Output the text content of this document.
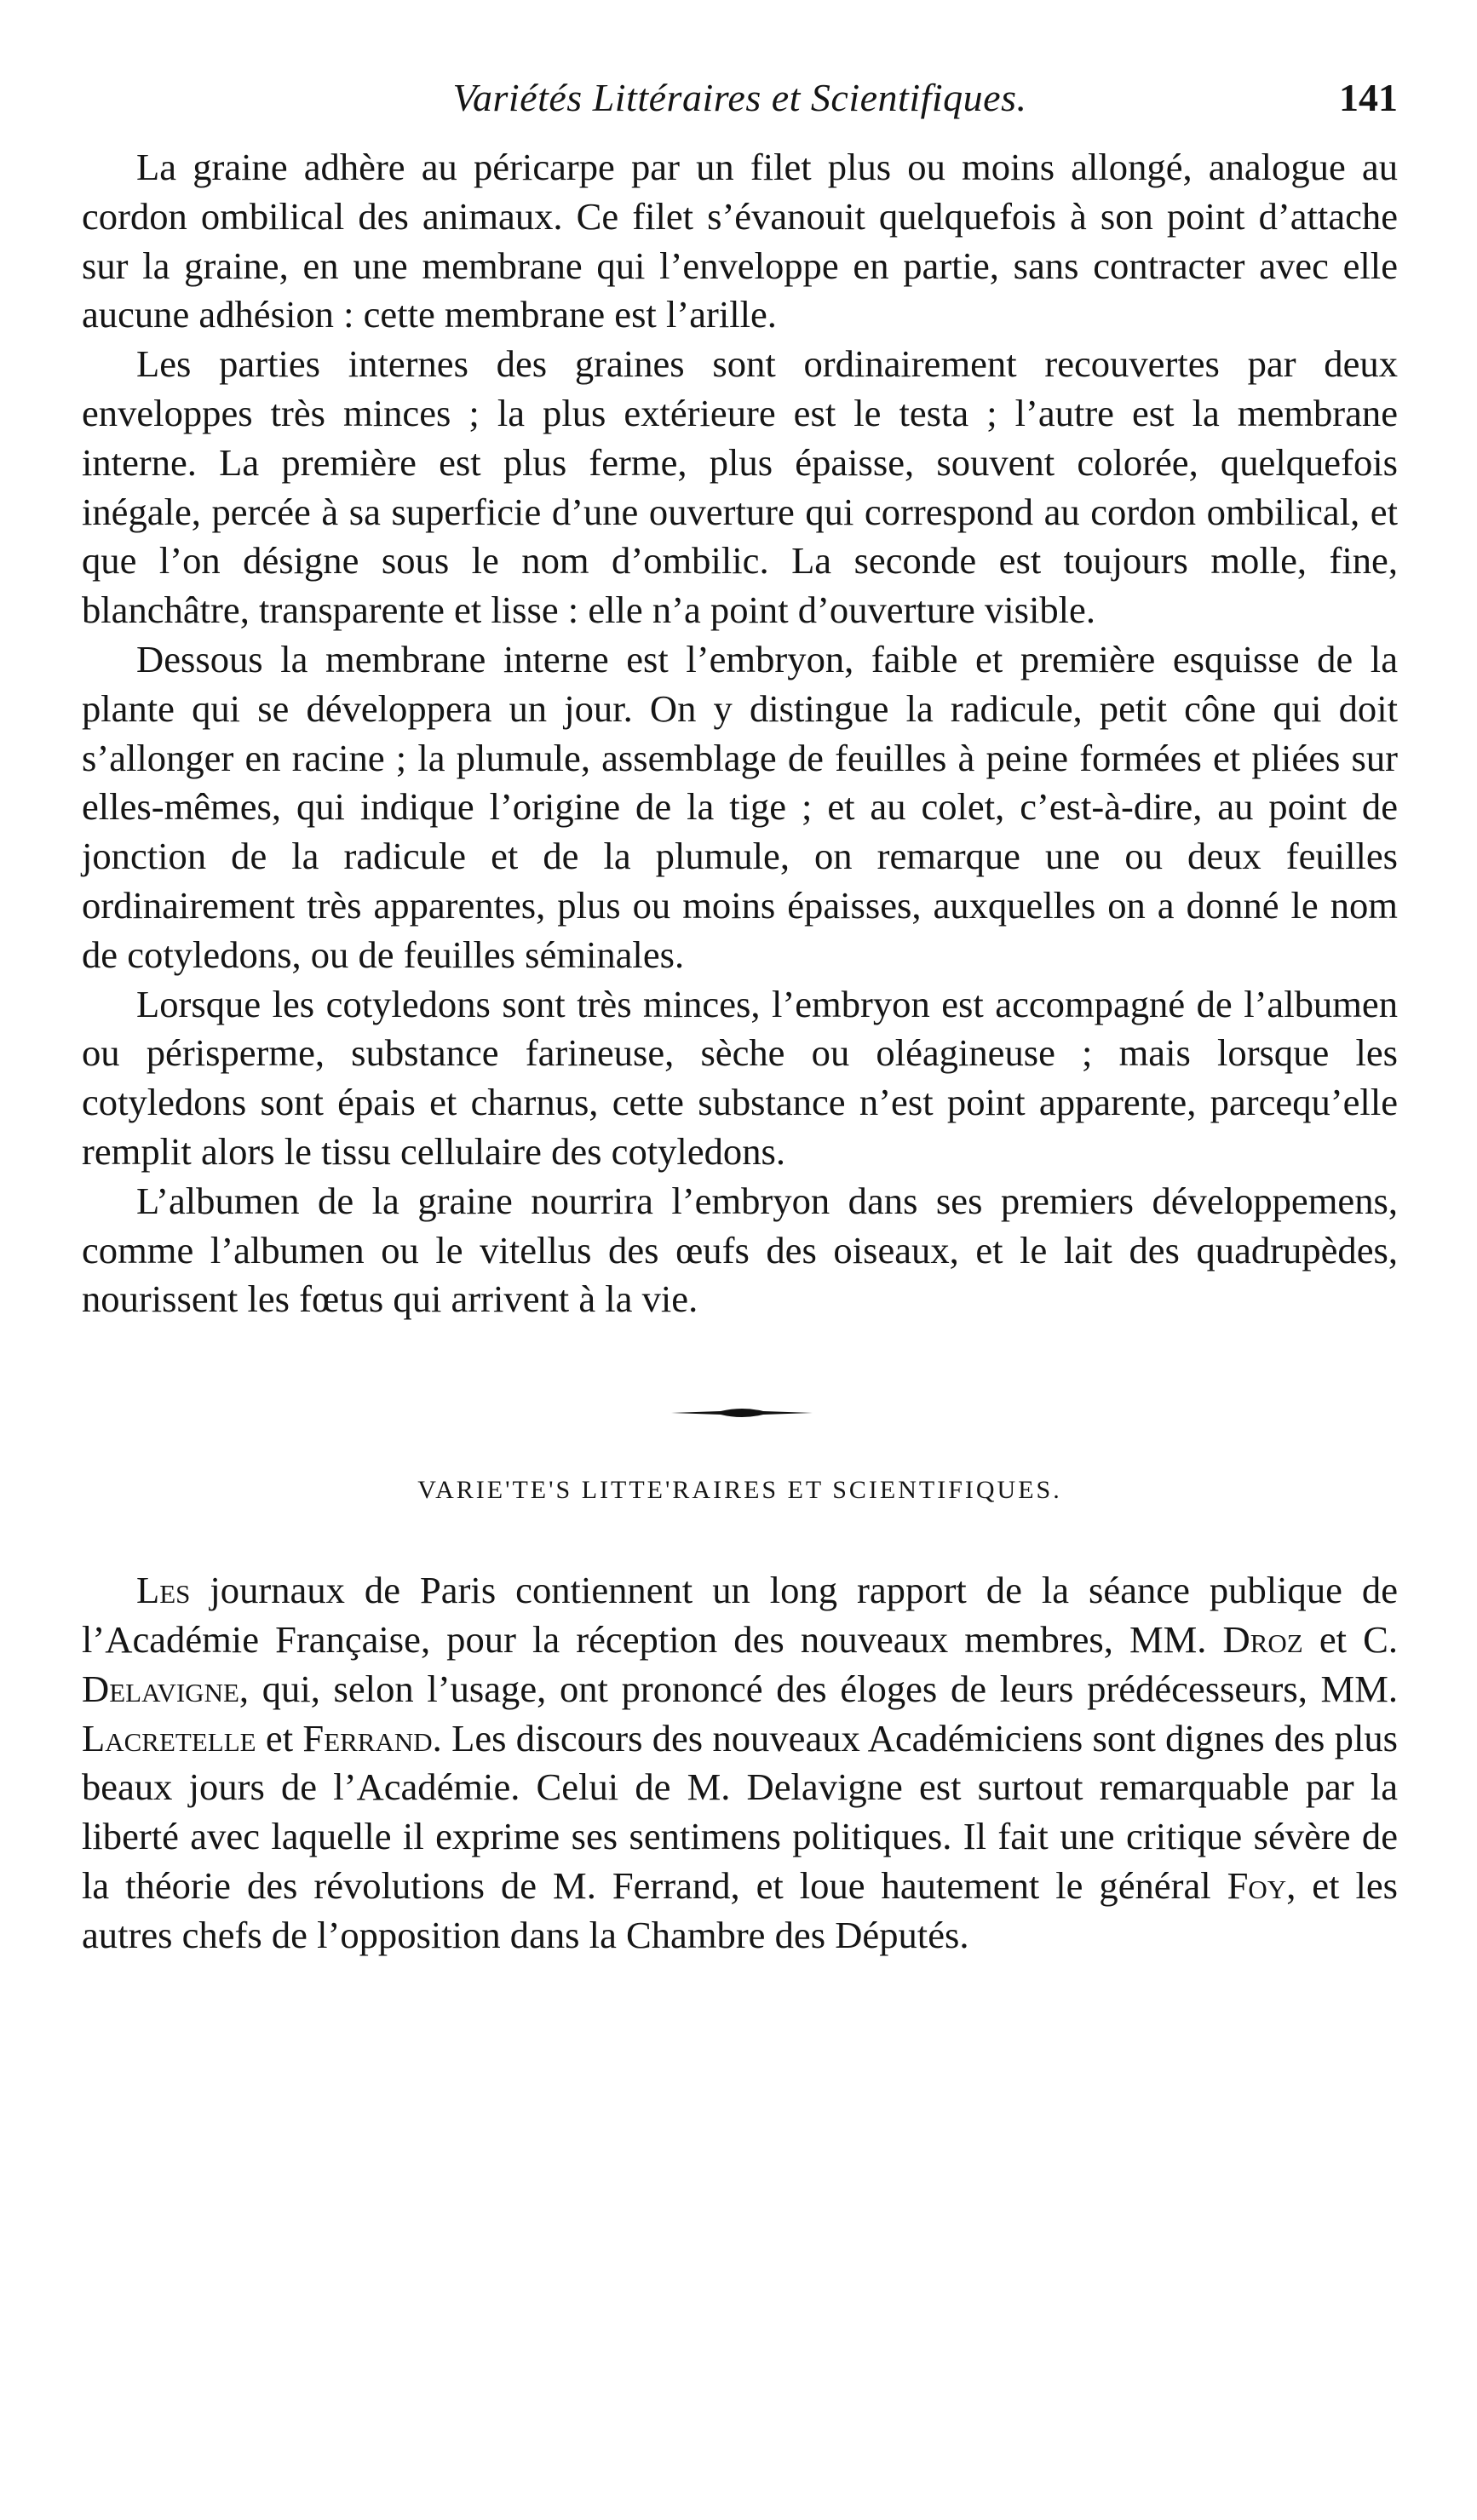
Variétés Littéraires et Scientifiques.	141

La graine adhère au péricarpe par un filet plus ou moins allongé, analogue au cordon ombilical des animaux. Ce filet s’évanouit quelquefois à son point d’attache sur la graine, en une membrane qui l’enveloppe en partie, sans contracter avec elle aucune adhésion : cette membrane est l’arille.

Les parties internes des graines sont ordinairement recouvertes par deux enveloppes très minces ; la plus extérieure est le testa ; l’autre est la membrane interne. La première est plus ferme, plus épaisse, souvent colorée, quelquefois inégale, percée à sa superficie d’une ouverture qui correspond au cordon ombilical, et que l’on désigne sous le nom d’ombilic. La seconde est toujours molle, fine, blanchâtre, transparente et lisse : elle n’a point d’ouverture visible.

Dessous la membrane interne est l’embryon, faible et première esquisse de la plante qui se développera un jour. On y distingue la radicule, petit cône qui doit s’allonger en racine ; la plumule, assemblage de feuilles à peine formées et pliées sur elles-mêmes, qui indique l’origine de la tige ; et au colet, c’est-à-dire, au point de jonction de la radicule et de la plumule, on remarque une ou deux feuilles ordinairement très apparentes, plus ou moins épaisses, auxquelles on a donné le nom de cotyledons, ou de feuilles séminales.

Lorsque les cotyledons sont très minces, l’embryon est accompagné de l’albumen ou périsperme, substance farineuse, sèche ou oléagineuse ; mais lorsque les cotyledons sont épais et charnus, cette substance n’est point apparente, parcequ’elle remplit alors le tissu cellulaire des cotyledons.

L’albumen de la graine nourrira l’embryon dans ses premiers développemens, comme l’albumen ou le vitellus des œufs des oiseaux, et le lait des quadrupèdes, nourissent les fœtus qui arrivent à la vie.

VARIE'TE'S LITTE'RAIRES ET SCIENTIFIQUES.

Les journaux de Paris contiennent un long rapport de la séance publique de l’Académie Française, pour la réception des nouveaux membres, MM. Droz et C. Delavigne, qui, selon l’usage, ont prononcé des éloges de leurs prédécesseurs, MM. Lacretelle et Ferrand. Les discours des nouveaux Académiciens sont dignes des plus beaux jours de l’Académie. Celui de M. Delavigne est surtout remarquable par la liberté avec laquelle il exprime ses sentimens politiques. Il fait une critique sévère de la théorie des révolutions de M. Ferrand, et loue hautement le général Foy, et les autres chefs de l’opposition dans la Chambre des Députés.
